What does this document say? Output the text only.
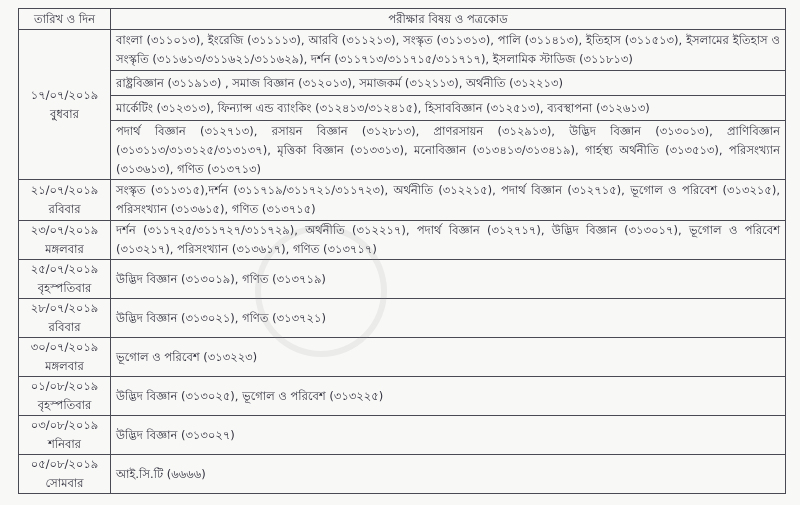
তারিখ ও দিন	পরীক্ষার বিষয় ও পত্রকোড

১৭/০৭/২০১৯
বুধবার	বাংলা (৩১১০১৩), ইংরেজি (৩১১১১৩), আরবি (৩১১২১৩), সংস্কৃত (৩১১৩১৩), পালি (৩১১৪১৩), ইতিহাস (৩১১৫১৩), ইসলামের ইতিহাস ও সংস্কৃতি (৩১১৬১৩/৩১১৬২১/৩১১৬২৯), দর্শন (৩১১৭১৩/৩১১৭১৫/৩১১৭১৭), ইসলামিক স্টাডিজ (৩১১৮১৩)
	রাষ্ট্রবিজ্ঞান (৩১১৯১৩) , সমাজ বিজ্ঞান (৩১২০১৩), সমাজকর্ম (৩১২১১৩), অর্থনীতি (৩১২২১৩)
	মার্কেটিং (৩১২৩১৩), ফিন্যান্স এন্ড ব্যাংকিং (৩১২৪১৩/৩১২৪১৫), হিসাববিজ্ঞান (৩১২৫১৩), ব্যবস্থাপনা (৩১২৬১৩)
	পদার্থ বিজ্ঞান (৩১২৭১৩), রসায়ন বিজ্ঞান (৩১২৮১৩), প্রাণরসায়ন (৩১২৯১৩), উদ্ভিদ বিজ্ঞান (৩১৩০১৩), প্রাণিবিজ্ঞান (৩১৩১১৩/৩১৩১২৫/৩১৩১৩৭), মৃত্তিকা বিজ্ঞান (৩১৩৩১৩), মনোবিজ্ঞান (৩১৩৪১৩/৩১৩৪১৯), গার্হস্থ্য অর্থনীতি (৩১৩৫১৩), পরিসংখ্যান (৩১৩৬১৩), গণিত (৩১৩৭১৩)

২১/০৭/২০১৯
রবিবার	সংস্কৃত (৩১১৩১৫),দর্শন (৩১১৭১৯/৩১১৭২১/৩১১৭২৩), অর্থনীতি (৩১২২১৫), পদার্থ বিজ্ঞান (৩১২৭১৫), ভূগোল ও পরিবেশ (৩১৩২১৫), পরিসংখ্যান (৩১৩৬১৫), গণিত (৩১৩৭১৫)

২৩/০৭/২০১৯
মঙ্গলবার	দর্শন (৩১১৭২৫/৩১১৭২৭/৩১১৭২৯), অর্থনীতি (৩১২২১৭), পদার্থ বিজ্ঞান (৩১২৭১৭), উদ্ভিদ বিজ্ঞান (৩১৩০১৭), ভূগোল ও পরিবেশ (৩১৩২১৭), পরিসংখ্যান (৩১৩৬১৭), গণিত (৩১৩৭১৭)

২৫/০৭/২০১৯
বৃহস্পতিবার	উদ্ভিদ বিজ্ঞান (৩১৩০১৯), গণিত (৩১৩৭১৯)

২৮/০৭/২০১৯
রবিবার	উদ্ভিদ বিজ্ঞান (৩১৩০২১), গণিত (৩১৩৭২১)

৩০/০৭/২০১৯
মঙ্গলবার	ভূগোল ও পরিবেশ (৩১৩২২৩)

০১/০৮/২০১৯
বৃহস্পতিবার	উদ্ভিদ বিজ্ঞান (৩১৩০২৫), ভূগোল ও পরিবেশ (৩১৩২২৫)

০৩/০৮/২০১৯
শনিবার	উদ্ভিদ বিজ্ঞান (৩১৩০২৭)

০৫/০৮/২০১৯
সোমবার	আই.সি.টি (৬৬৬৬)
